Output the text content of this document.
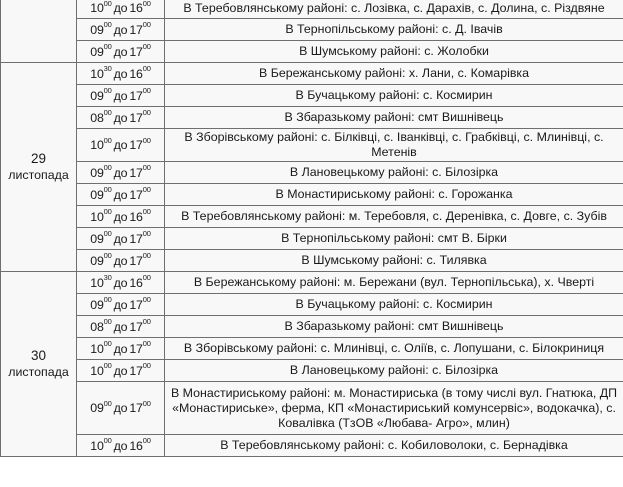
	$10^{00}$ до $16^{00}$	В Теребовлянському районі: с. Лозівка, с. Дарахів, с. Долина, с. Різдвяне
	$09^{00}$ до $17^{00}$	В Тернопільському районі: с. Д. Івачів
	$09^{00}$ до $17^{00}$	В Шумському районі: с. Жолобки

29
листопада	$10^{30}$ до $16^{00}$	В Бережанському районі: х. Лани, с. Комарівка
	$09^{00}$ до $17^{00}$	В Бучацькому районі: с. Космирин
	$08^{00}$ до $17^{00}$	В Збаразькому районі: смт Вишнівець
	$10^{00}$ до $17^{00}$	В Зборівському районі: с. Білківці, с. Іванківці, с. Грабківці, с. Млинівці, с. Метенів
	$09^{00}$ до $17^{00}$	В Лановецькому районі: с. Білозірка
	$09^{00}$ до $17^{00}$	В Монастириському районі: с. Горожанка
	$10^{00}$ до $16^{00}$	В Теребовлянському районі: м. Теребовля, с. Деренівка, с. Довге, с. Зубів
	$09^{00}$ до $17^{00}$	В Тернопільському районі: смт В. Бірки
	$09^{00}$ до $17^{00}$	В Шумському районі: с. Тилявка

30
листопада	$10^{30}$ до $16^{00}$	В Бережанському районі: м. Бережани (вул. Тернопільська), х. Чверті
	$09^{00}$ до $17^{00}$	В Бучацькому районі: с. Космирин
	$08^{00}$ до $17^{00}$	В Збаразькому районі: смт Вишнівець
	$10^{00}$ до $17^{00}$	В Зборівському районі: с. Млинівці, с. Оліїв, с. Лопушани, с. Білокриниця
	$10^{00}$ до $17^{00}$	В Лановецькому районі: с. Білозірка
	$09^{00}$ до $17^{00}$	В Монастириському районі: м. Монастириська (в тому числі вул. Гнатюка, ДП «Монастириське», ферма, КП «Монастириський комунсервіс», водокачка), с. Ковалівка (ТзОВ «Любава- Агро», млин)
	$10^{00}$ до $16^{00}$	В Теребовлянському районі: с. Кобиловолоки, с. Бернадівка
